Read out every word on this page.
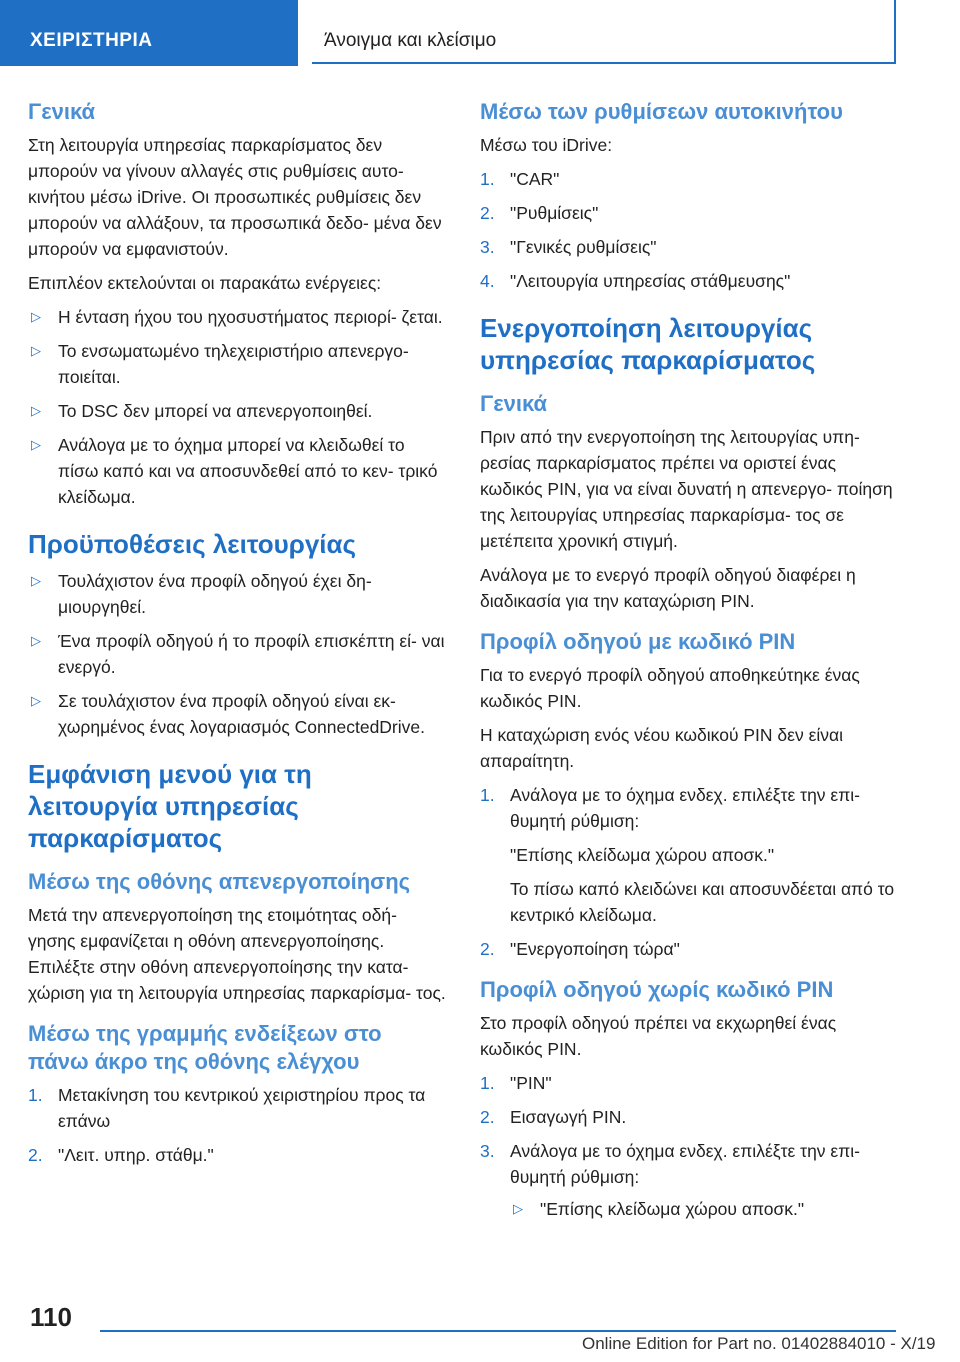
ΧΕΙΡΙΣΤΗΡΙΑ	Άνοιγμα και κλείσιμο
Γενικά

Στη λειτουργία υπηρεσίας παρκαρίσματος δεν μπορούν να γίνουν αλλαγές στις ρυθμίσεις αυτο- κινήτου μέσω iDrive. Οι προσωπικές ρυθμίσεις δεν μπορούν να αλλάξουν, τα προσωπικά δεδο- μένα δεν μπορούν να εμφανιστούν.

Επιπλέον εκτελούνται οι παρακάτω ενέργειες:

▷ Η ένταση ήχου του ηχοσυστήματος περιορί- ζεται.
▷ Το ενσωματωμένο τηλεχειριστήριο απενεργο- ποιείται.
▷ Το DSC δεν μπορεί να απενεργοποιηθεί.
▷ Ανάλογα με το όχημα μπορεί να κλειδωθεί το πίσω καπό και να αποσυνδεθεί από το κεν- τρικό κλείδωμα.
Προϋποθέσεις λειτουργίας
▷ Τουλάχιστον ένα προφίλ οδηγού έχει δη- μιουργηθεί.
▷ Ένα προφίλ οδηγού ή το προφίλ επισκέπτη εί- ναι ενεργό.
▷ Σε τουλάχιστον ένα προφίλ οδηγού είναι εκ- χωρημένος ένας λογαριασμός ConnectedDrive.
Εμφάνιση μενού για τη λειτουργία υπηρεσίας παρκαρίσματος
Μέσω της οθόνης απενεργοποίησης

Μετά την απενεργοποίηση της ετοιμότητας οδή- γησης εμφανίζεται η οθόνη απενεργοποίησης. Επιλέξτε στην οθόνη απενεργοποίησης την κατα- χώριση για τη λειτουργία υπηρεσίας παρκαρίσμα- τος.

Μέσω της γραμμής ενδείξεων στο πάνω άκρο της οθόνης ελέγχου
1. Μετακίνηση του κεντρικού χειριστηρίου προς τα επάνω
2. "Λειτ. υπηρ. στάθμ."
Μέσω των ρυθμίσεων αυτοκινήτου

Μέσω του iDrive:

1. "CAR"
2. "Ρυθμίσεις"
3. "Γενικές ρυθμίσεις"
4. "Λειτουργία υπηρεσίας στάθμευσης"
Ενεργοποίηση λειτουργίας υπηρεσίας παρκαρίσματος
Γενικά

Πριν από την ενεργοποίηση της λειτουργίας υπη- ρεσίας παρκαρίσματος πρέπει να οριστεί ένας κωδικός PIN, για να είναι δυνατή η απενεργο- ποίηση της λειτουργίας υπηρεσίας παρκαρίσμα- τος σε μετέπειτα χρονική στιγμή.

Ανάλογα με το ενεργό προφίλ οδηγού διαφέρει η διαδικασία για την καταχώριση PIN.

Προφίλ οδηγού με κωδικό PIN

Για το ενεργό προφίλ οδηγού αποθηκεύτηκε ένας κωδικός PIN.

Η καταχώριση ενός νέου κωδικού PIN δεν είναι απαραίτητη.

1. Ανάλογα με το όχημα ενδεχ. επιλέξτε την επι- θυμητή ρύθμιση:
"Επίσης κλείδωμα χώρου αποσκ."
Το πίσω καπό κλειδώνει και αποσυνδέεται από το κεντρικό κλείδωμα.
2. "Ενεργοποίηση τώρα"
Προφίλ οδηγού χωρίς κωδικό PIN

Στο προφίλ οδηγού πρέπει να εκχωρηθεί ένας κωδικός PIN.

1. "PIN"
2. Εισαγωγή PIN.
3. Ανάλογα με το όχημα ενδεχ. επιλέξτε την επι- θυμητή ρύθμιση:
▷ "Επίσης κλείδωμα χώρου αποσκ."
110
Online Edition for Part no. 01402884010 - X/19
